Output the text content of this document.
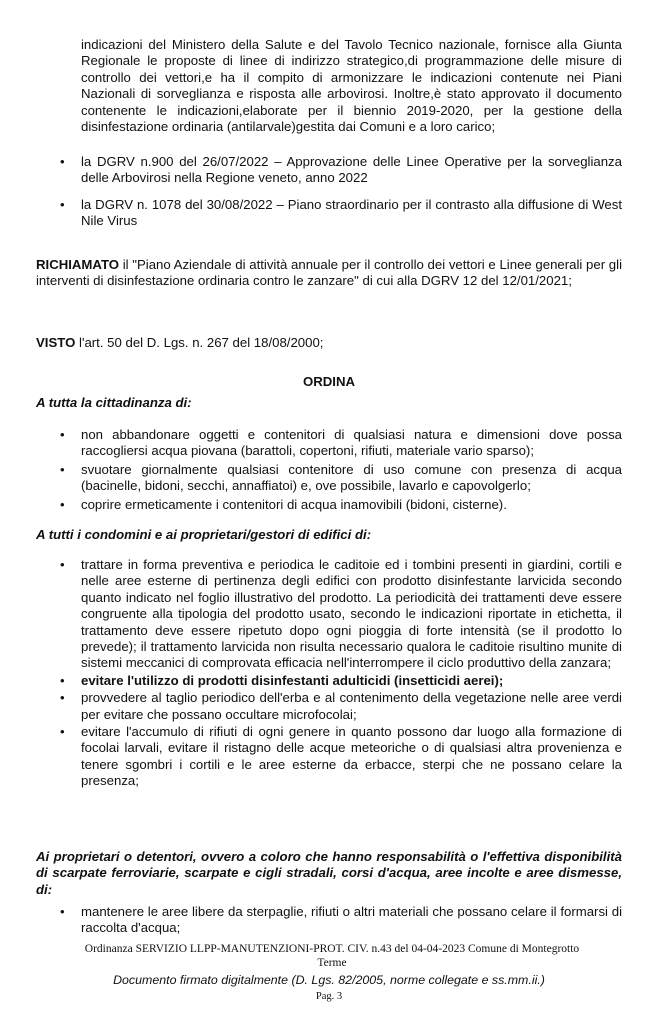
indicazioni del Ministero della Salute e del Tavolo Tecnico nazionale, fornisce alla Giunta Regionale le proposte di linee di indirizzo strategico,di programmazione delle misure di controllo dei vettori,e ha il compito di armonizzare le indicazioni contenute nei Piani Nazionali di sorveglianza e risposta alle arbovirosi. Inoltre,è stato approvato il documento contenente le indicazioni,elaborate per il biennio 2019-2020, per la gestione della disinfestazione ordinaria (antilarvale)gestita dai Comuni e a loro carico;
• la DGRV n.900 del 26/07/2022 – Approvazione delle Linee Operative per la sorveglianza delle Arbovirosi nella Regione veneto, anno 2022
• la DGRV n. 1078 del 30/08/2022 – Piano straordinario per il contrasto alla diffusione di West Nile Virus
RICHIAMATO il "Piano Aziendale di attività annuale per il controllo dei vettori e Linee generali per gli interventi di disinfestazione ordinaria contro le zanzare" di cui alla DGRV 12 del 12/01/2021;
VISTO l'art. 50 del D. Lgs. n. 267 del 18/08/2000;
ORDINA
A tutta la cittadinanza di:
• non abbandonare oggetti e contenitori di qualsiasi natura e dimensioni dove possa raccogliersi acqua piovana (barattoli, copertoni, rifiuti, materiale vario sparso);
• svuotare giornalmente qualsiasi contenitore di uso comune con presenza di acqua (bacinelle, bidoni, secchi, annaffiatoi) e, ove possibile, lavarlo e capovolgerlo;
• coprire ermeticamente i contenitori di acqua inamovibili (bidoni, cisterne).
A tutti i condomini e ai proprietari/gestori di edifici di:
• trattare in forma preventiva e periodica le caditoie ed i tombini presenti in giardini, cortili e nelle aree esterne di pertinenza degli edifici con prodotto disinfestante larvicida secondo quanto indicato nel foglio illustrativo del prodotto. La periodicità dei trattamenti deve essere congruente alla tipologia del prodotto usato, secondo le indicazioni riportate in etichetta, il trattamento deve essere ripetuto dopo ogni pioggia di forte intensità (se il prodotto lo prevede); il trattamento larvicida non risulta necessario qualora le caditoie risultino munite di sistemi meccanici di comprovata efficacia nell'interrompere il ciclo produttivo della zanzara;
• evitare l'utilizzo di prodotti disinfestanti adulticidi (insetticidi aerei);
• provvedere al taglio periodico dell'erba e al contenimento della vegetazione nelle aree verdi per evitare che possano occultare microfocolai;
• evitare l'accumulo di rifiuti di ogni genere in quanto possono dar luogo alla formazione di focolai larvali, evitare il ristagno delle acque meteoriche o di qualsiasi altra provenienza e tenere sgombri i cortili e le aree esterne da erbacce, sterpi che ne possano celare la presenza;
Ai proprietari o detentori, ovvero a coloro che hanno responsabilità o l'effettiva disponibilità di scarpate ferroviarie, scarpate e cigli stradali, corsi d'acqua, aree incolte e aree dismesse, di:
• mantenere le aree libere da sterpaglie, rifiuti o altri materiali che possano celare il formarsi di raccolta d'acqua;
Ordinanza SERVIZIO LLPP-MANUTENZIONI-PROT. CIV. n.43 del 04-04-2023 Comune di Montegrotto
Terme
Documento firmato digitalmente (D. Lgs. 82/2005, norme collegate e ss.mm.ii.)
Pag. 3
